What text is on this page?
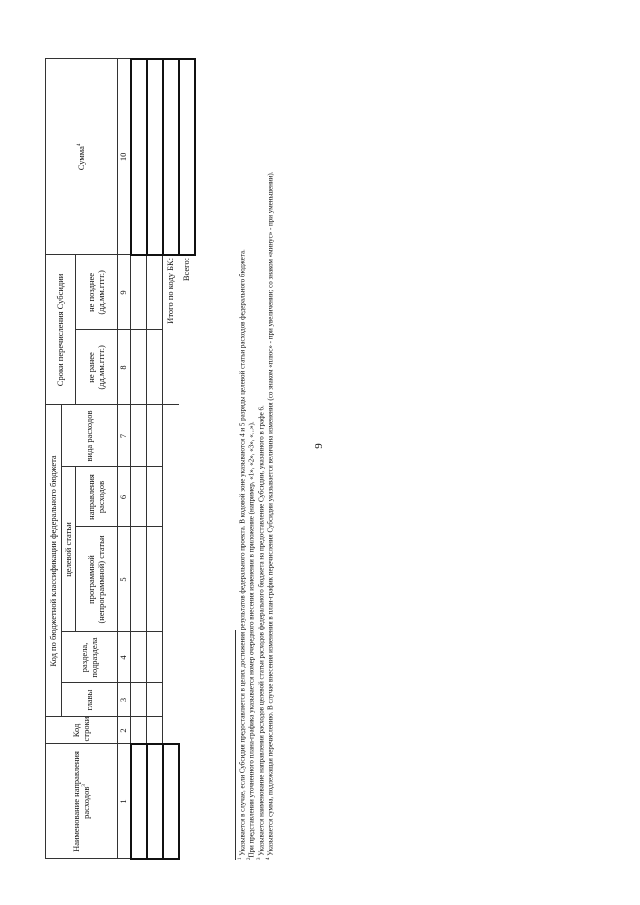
9
Наименование направления расходов$^3$	Код строки	Код по бюджетной классификации федерального бюджета					Сроки перечисления Субсидии		Сумма$^4$
		главы	раздела, подраздела	целевой статьи		вида расходов			
				программной (непрограммной) статьи	направления расходов		не ранее (дд.мм.гггг.)	не позднее (дд.мм.гггг.)	
1	2	3	4	5	6	7	8	9	10

							Итого по коду БК:		
								Всего:	

$^1$ Указывается в случае, если Субсидия предоставляется в целях достижения результатов федерального проекта. В кодовой зоне указываются 4 и 5 разряды целевой статьи расходов федерального бюджета.

$^2$При представлении уточненного плана-графика указывается номер очередного внесения изменения в приложение (например, «1», «2», «3», «...»).

$^3$ Указывается наименование направления расходов целевой статьи расходов федерального бюджета на предоставление Субсидии, указанного в графе 6.

$^4$ Указывается сумма, подлежащая перечислению. В случае внесения изменения в план-график перечисления Субсидии указывается величина изменения (со знаком «плюс» - при увеличении; со знаком «минус» - при уменьшении).
